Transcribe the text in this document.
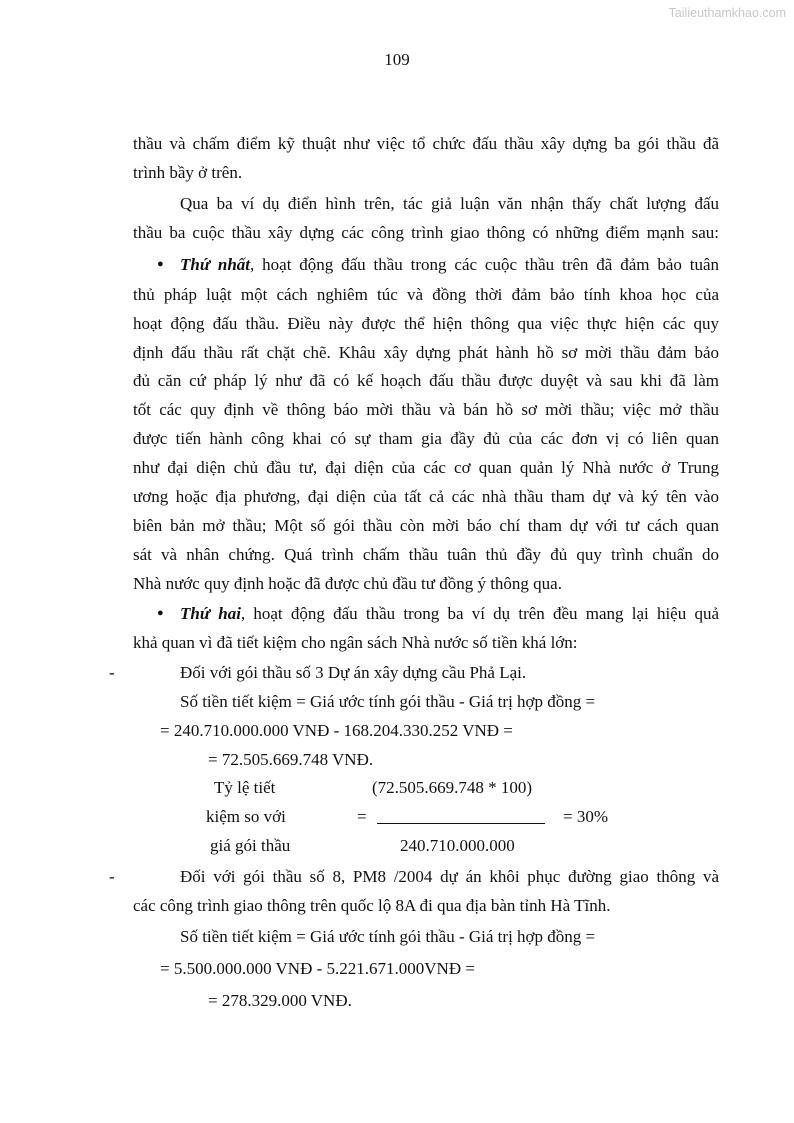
Tailieuthamkhao.com
109
thầu và chấm điểm kỹ thuật như việc tổ chức đấu thầu xây dựng ba gói thầu đã
trình bầy ở trên.
Qua ba ví dụ điển hình trên, tác giả luận văn nhận thấy chất lượng đấu
thầu ba cuộc thầu xây dựng các công trình giao thông có những điểm mạnh sau:
● Thứ nhất, hoạt động đấu thầu trong các cuộc thầu trên đã đảm bảo tuân
thủ pháp luật một cách nghiêm túc và đồng thời đảm bảo tính khoa học của
hoạt động đấu thầu. Điều này được thể hiện thông qua việc thực hiện các quy
định đấu thầu rất chặt chẽ. Khâu xây dựng phát hành hồ sơ mời thầu đảm bảo
đủ căn cứ pháp lý như đã có kế hoạch đấu thầu được duyệt và sau khi đã làm
tốt các quy định về thông báo mời thầu và bán hồ sơ mời thầu; việc mở thầu
được tiến hành công khai có sự tham gia đầy đủ của các đơn vị có liên quan
như đại diện chủ đầu tư, đại diện của các cơ quan quản lý Nhà nước ở Trung
ương hoặc địa phương, đại diện của tất cả các nhà thầu tham dự và ký tên vào
biên bản mở thầu; Một số gói thầu còn mời báo chí tham dự với tư cách quan
sát và nhân chứng. Quá trình chấm thầu tuân thủ đầy đủ quy trình chuẩn do
Nhà nước quy định hoặc đã được chủ đầu tư đồng ý thông qua.
● Thứ hai, hoạt động đấu thầu trong ba ví dụ trên đều mang lại hiệu quả
khả quan vì đã tiết kiệm cho ngân sách Nhà nước số tiền khá lớn:
-	Đối với gói thầu số 3 Dự án xây dựng cầu Phả Lại.
Số tiền tiết kiệm = Giá ước tính gói thầu - Giá trị hợp đồng =
= 240.710.000.000 VNĐ - 168.204.330.252 VNĐ =
= 72.505.669.748 VNĐ.
Tỷ lệ tiết	(72.505.669.748 * 100)
kiệm so với	=	= 30%
giá gói thầu	240.710.000.000
-	Đối với gói thầu số 8, PM8 /2004 dự án khôi phục đường giao thông và
các công trình giao thông trên quốc lộ 8A đi qua địa bàn tỉnh Hà Tĩnh.
Số tiền tiết kiệm = Giá ước tính gói thầu - Giá trị hợp đồng =
= 5.500.000.000 VNĐ - 5.221.671.000VNĐ =
= 278.329.000 VNĐ.
